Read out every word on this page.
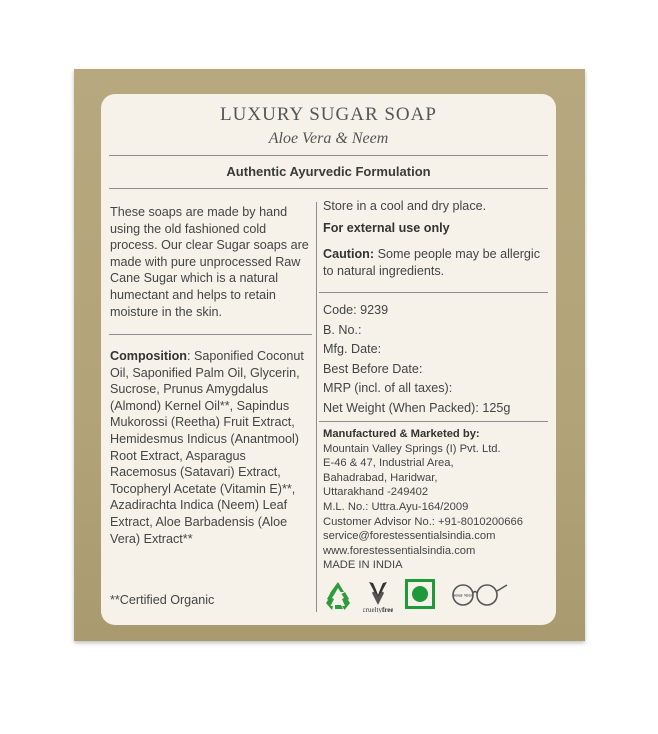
LUXURY SUGAR SOAP
Aloe Vera & Neem
Authentic Ayurvedic Formulation
These soaps are made by hand using the old fashioned cold process. Our clear Sugar soaps are made with pure unprocessed Raw Cane Sugar which is a natural humectant and helps to retain moisture in the skin.
Composition: Saponified Coconut Oil, Saponified Palm Oil, Glycerin, Sucrose, Prunus Amygdalus (Almond) Kernel Oil**, Sapindus Mukorossi (Reetha) Fruit Extract, Hemidesmus Indicus (Anantmool) Root Extract, Asparagus Racemosus (Satavari) Extract, Tocopheryl Acetate (Vitamin E)**, Azadirachta Indica (Neem) Leaf Extract, Aloe Barbadensis (Aloe Vera) Extract**
**Certified Organic
Store in a cool and dry place.
For external use only
Caution: Some people may be allergic to natural ingredients.
Code: 9239
B. No.:
Mfg. Date:
Best Before Date:
MRP (incl. of all taxes):
Net Weight (When Packed): 125g
Manufactured & Marketed by:
Mountain Valley Springs (I) Pvt. Ltd.
E-46 & 47, Industrial Area,
Bahadrabad, Haridwar,
Uttarakhand -249402
M.L. No.: Uttra.Ayu-164/2009
Customer Advisor No.: +91-8010200666
service@forestessentialsindia.com
www.forestessentialsindia.com
MADE IN INDIA
crueltyfree
स्वच्छ भारत
